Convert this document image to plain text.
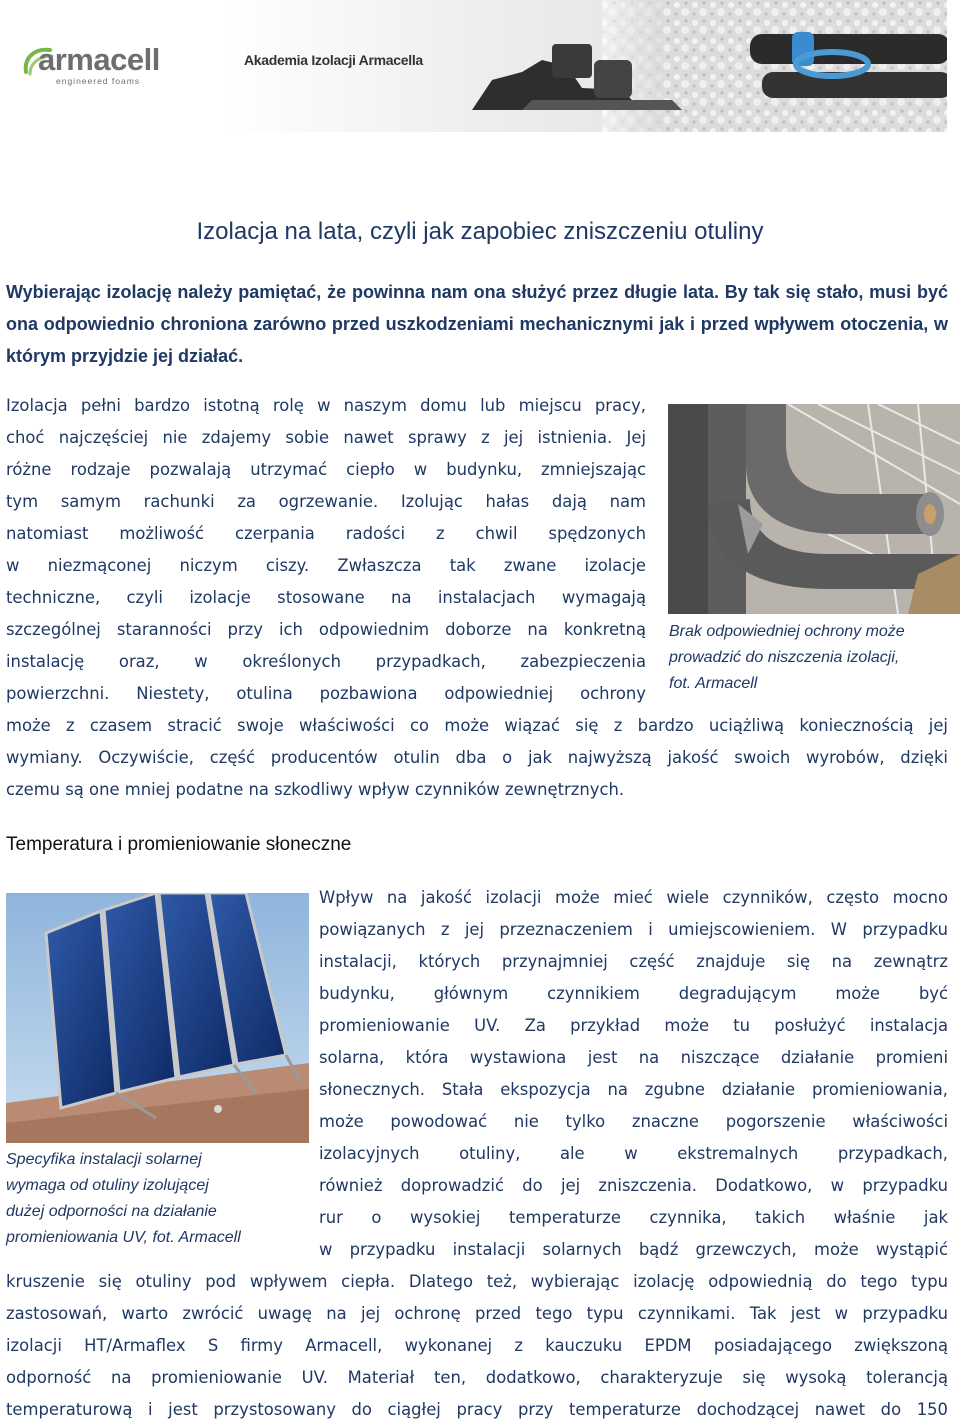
armacell
engineered foams
Akademia Izolacji Armacella
Izolacja na lata, czyli jak zapobiec zniszczeniu otuliny
Wybierając izolację należy pamiętać, że powinna nam ona służyć przez długie lata. By tak się stało, musi być ona odpowiednio chroniona zarówno przed uszkodzeniami mechanicznymi jak i przed wpływem otoczenia, w którym przyjdzie jej działać.
Brak odpowiedniej ochrony może
prowadzić do niszczenia izolacji,
fot. Armacell
Izolacja pełni bardzo istotną rolę w naszym domu lub miejscu pracy,
choć najczęściej nie zdajemy sobie nawet sprawy z jej istnienia. Jej
różne rodzaje pozwalają utrzymać ciepło w budynku, zmniejszając
tym samym rachunki za ogrzewanie. Izolując hałas dają nam
natomiast możliwość czerpania radości z chwil spędzonych
w niezmąconej niczym ciszy. Zwłaszcza tak zwane izolacje
techniczne, czyli izolacje stosowane na instalacjach wymagają
szczególnej staranności przy ich odpowiednim doborze na konkretną
instalację oraz, w określonych przypadkach, zabezpieczenia
powierzchni. Niestety, otulina pozbawiona odpowiedniej ochrony
może z czasem stracić swoje właściwości co może wiązać się z bardzo uciążliwą koniecznością jej
wymiany. Oczywiście, część producentów otulin dba o jak najwyższą jakość swoich wyrobów, dzięki
czemu są one mniej podatne na szkodliwy wpływ czynników zewnętrznych.
Temperatura i promieniowanie słoneczne
Specyfika instalacji solarnej
wymaga od otuliny izolującej
dużej odporności na działanie
promieniowania UV, fot. Armacell
Wpływ na jakość izolacji może mieć wiele czynników, często mocno
powiązanych z jej przeznaczeniem i umiejscowieniem. W przypadku
instalacji, których przynajmniej część znajduje się na zewnątrz
budynku, głównym czynnikiem degradującym może być
promieniowanie UV. Za przykład może tu posłużyć instalacja
solarna, która wystawiona jest na niszczące działanie promieni
słonecznych. Stała ekspozycja na zgubne działanie promieniowania,
może powodować nie tylko znaczne pogorszenie właściwości
izolacyjnych otuliny, ale w ekstremalnych przypadkach,
również doprowadzić do jej zniszczenia. Dodatkowo, w przypadku
rur o wysokiej temperaturze czynnika, takich właśnie jak
w przypadku instalacji solarnych bądź grzewczych, może wystąpić
kruszenie się otuliny pod wpływem ciepła. Dlatego też, wybierając izolację odpowiednią do tego typu
zastosowań, warto zwrócić uwagę na jej ochronę przed tego typu czynnikami. Tak jest w przypadku
izolacji HT/Armaflex S firmy Armacell, wykonanej z kauczuku EPDM posiadającego zwiększoną
odporność na promieniowanie UV. Materiał ten, dodatkowo, charakteryzuje się wysoką tolerancją
temperaturową i jest przystosowany do ciągłej pracy przy temperaturze dochodzącej nawet do 150
